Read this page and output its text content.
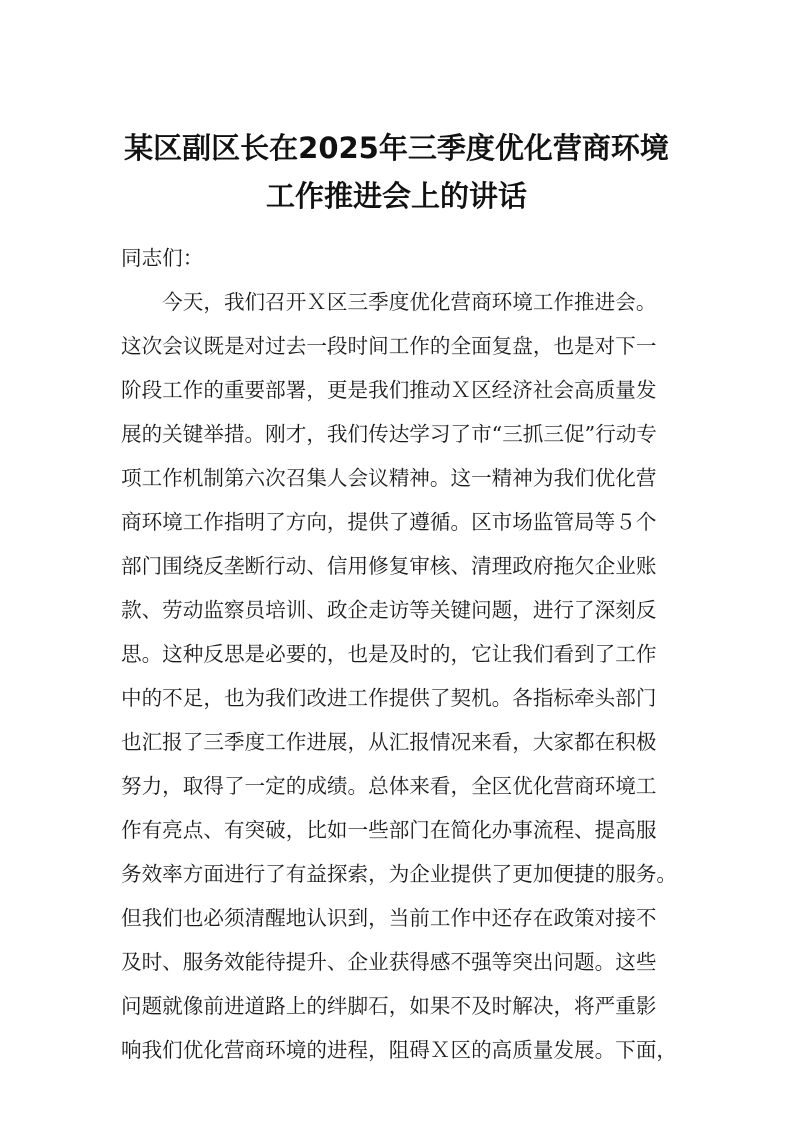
某区副区长在2025年三季度优化营商环境
工作推进会上的讲话

同志们：

　　今天，我们召开Ｘ区三季度优化营商环境工作推进会。

这次会议既是对过去一段时间工作的全面复盘，也是对下一

阶段工作的重要部署，更是我们推动Ｘ区经济社会高质量发

展的关键举措。刚才，我们传达学习了市“三抓三促”行动专

项工作机制第六次召集人会议精神。这一精神为我们优化营

商环境工作指明了方向，提供了遵循。区市场监管局等５个

部门围绕反垄断行动、信用修复审核、清理政府拖欠企业账

款、劳动监察员培训、政企走访等关键问题，进行了深刻反

思。这种反思是必要的，也是及时的，它让我们看到了工作

中的不足，也为我们改进工作提供了契机。各指标牵头部门

也汇报了三季度工作进展，从汇报情况来看，大家都在积极

努力，取得了一定的成绩。总体来看，全区优化营商环境工

作有亮点、有突破，比如一些部门在简化办事流程、提高服

务效率方面进行了有益探索，为企业提供了更加便捷的服务。

但我们也必须清醒地认识到，当前工作中还存在政策对接不

及时、服务效能待提升、企业获得感不强等突出问题。这些

问题就像前进道路上的绊脚石，如果不及时解决，将严重影

响我们优化营商环境的进程，阻碍Ｘ区的高质量发展。下面，
